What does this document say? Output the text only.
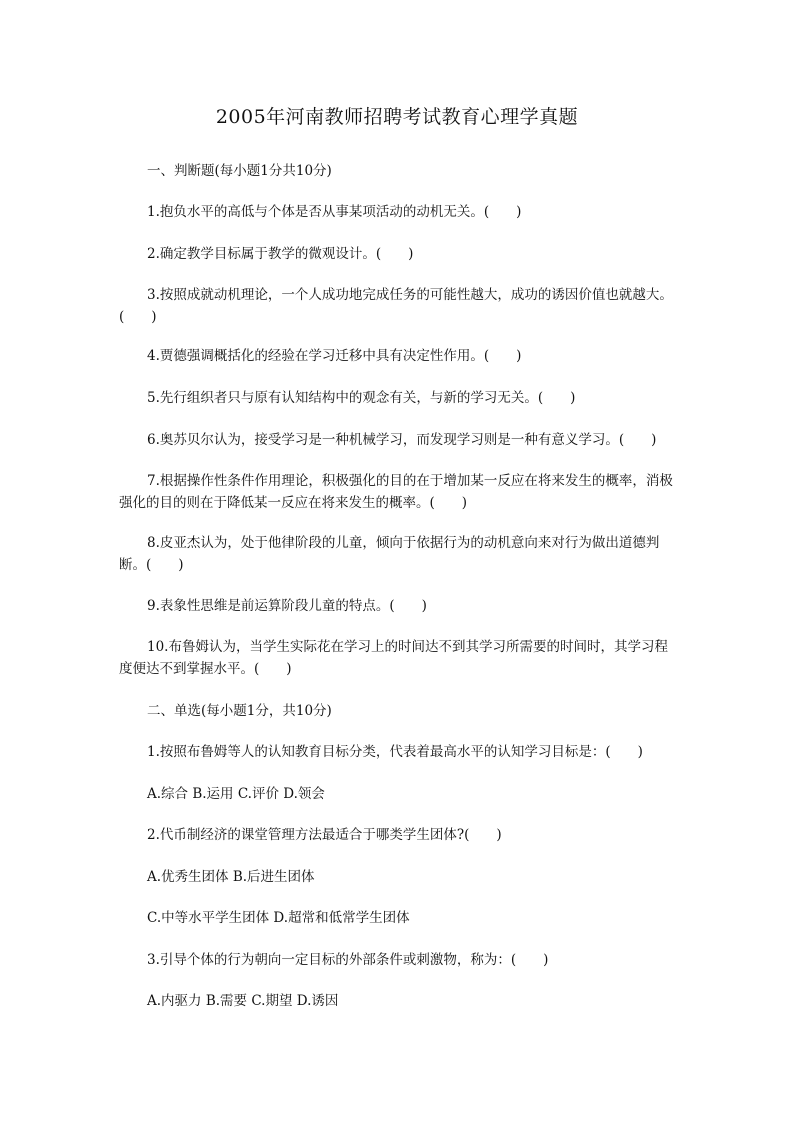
2005年河南教师招聘考试教育心理学真题
一、判断题(每小题1分共10分)
1.抱负水平的高低与个体是否从事某项活动的动机无关。(　　)
2.确定教学目标属于教学的微观设计。(　　)
3.按照成就动机理论，一个人成功地完成任务的可能性越大，成功的诱因价值也就越大。(　　)
4.贾德强调概括化的经验在学习迁移中具有决定性作用。(　　)
5.先行组织者只与原有认知结构中的观念有关，与新的学习无关。(　　)
6.奥苏贝尔认为，接受学习是一种机械学习，而发现学习则是一种有意义学习。(　　)
7.根据操作性条件作用理论，积极强化的目的在于增加某一反应在将来发生的概率，消极强化的目的则在于降低某一反应在将来发生的概率。(　　)
8.皮亚杰认为，处于他律阶段的儿童，倾向于依据行为的动机意向来对行为做出道德判断。(　　)
9.表象性思维是前运算阶段儿童的特点。(　　)
10.布鲁姆认为，当学生实际花在学习上的时间达不到其学习所需要的时间时，其学习程度便达不到掌握水平。(　　)
二、单选(每小题1分，共10分)
1.按照布鲁姆等人的认知教育目标分类，代表着最高水平的认知学习目标是：(　　)
A.综合 B.运用 C.评价 D.领会
2.代币制经济的课堂管理方法最适合于哪类学生团体?(　　)
A.优秀生团体 B.后进生团体
C.中等水平学生团体 D.超常和低常学生团体
3.引导个体的行为朝向一定目标的外部条件或刺激物，称为：(　　)
A.内驱力 B.需要 C.期望 D.诱因
